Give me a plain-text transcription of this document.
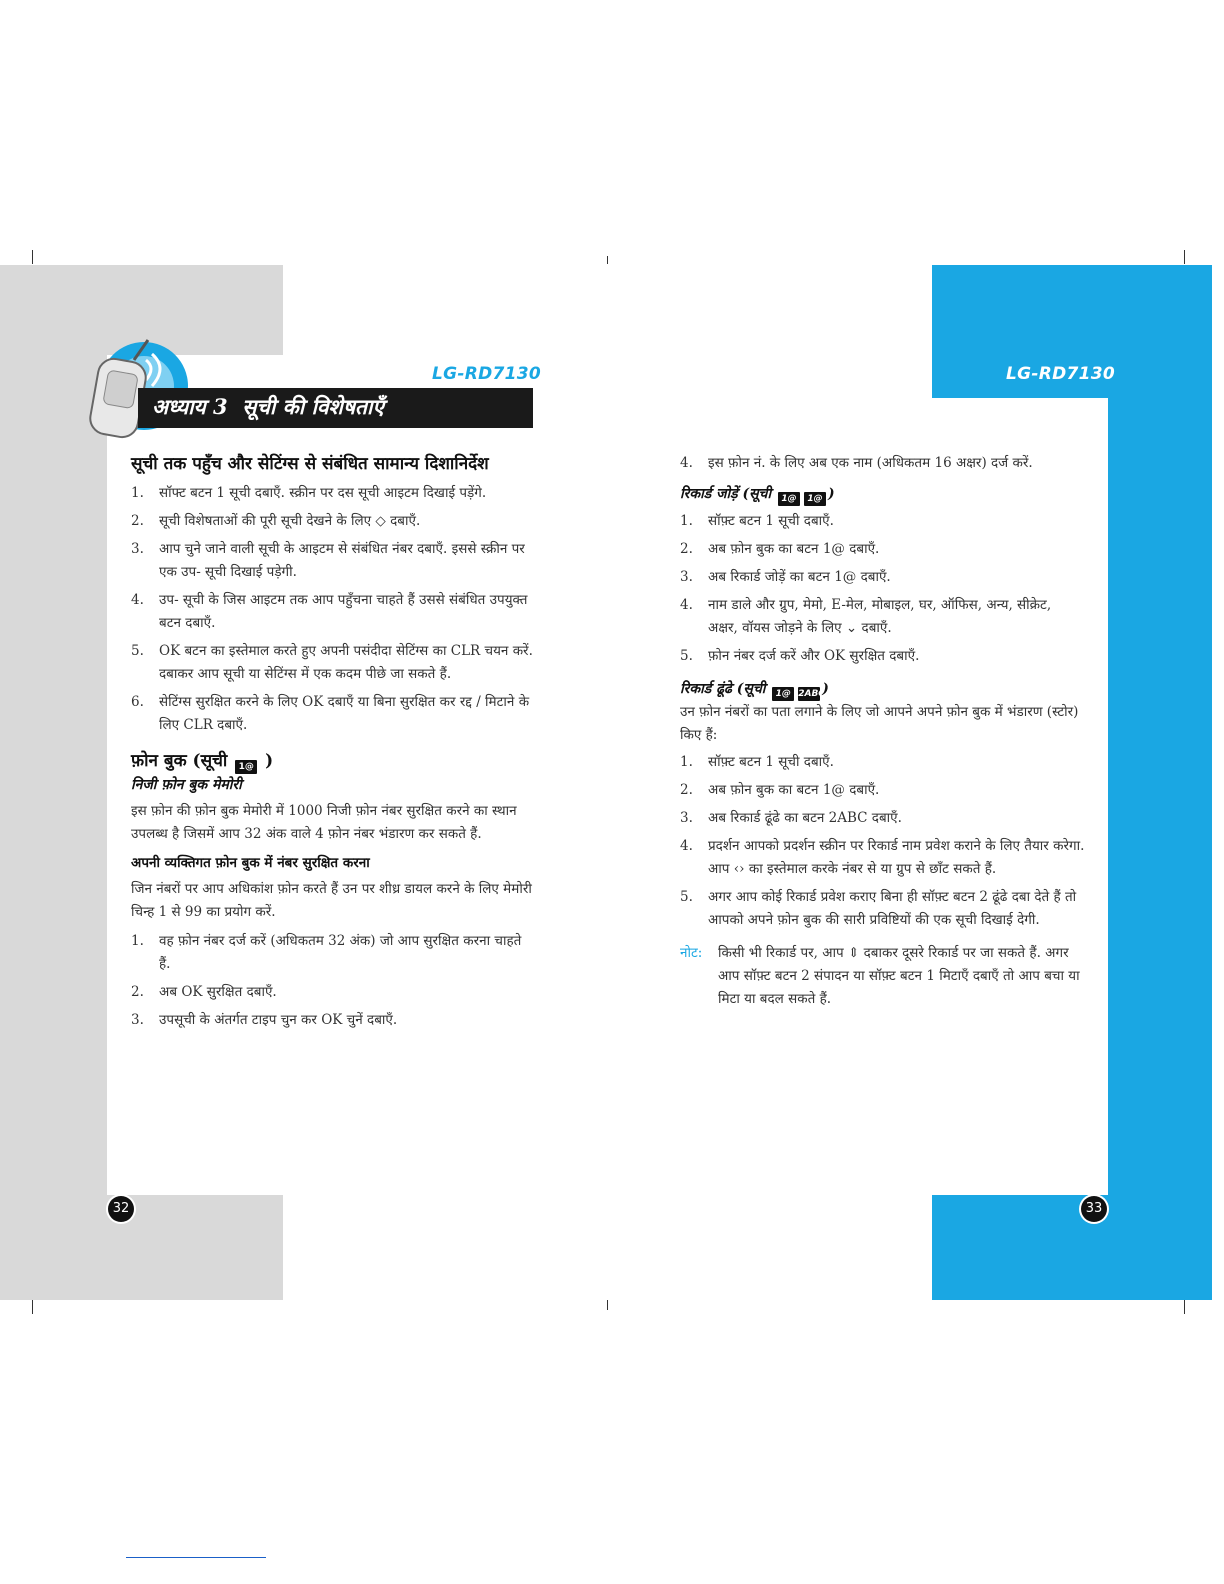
LG-RD7130	LG-RD7130
अध्याय 3  सूची की विशेषताएँ

सूची तक पहुँच और सेटिंग्स से संबंधित सामान्य दिशानिर्देश

1. सॉफ्ट बटन 1 सूची दबाएँ. स्क्रीन पर दस सूची आइटम दिखाई पड़ेंगे.
2. सूची विशेषताओं की पूरी सूची देखने के लिए ◇ दबाएँ.
3. आप चुने जाने वाली सूची के आइटम से संबंधित नंबर दबाएँ. इससे स्क्रीन पर एक उप- सूची दिखाई पड़ेगी.
4. उप- सूची के जिस आइटम तक आप पहुँचना चाहते हैं उससे संबंधित उपयुक्त बटन दबाएँ.
5. OK बटन का इस्तेमाल करते हुए अपनी पसंदीदा सेटिंग्स का CLR चयन करें. दबाकर आप सूची या सेटिंग्स में एक कदम पीछे जा सकते हैं.
6. सेटिंग्स सुरक्षित करने के लिए OK दबाएँ या बिना सुरक्षित कर रद्द / मिटाने के लिए CLR दबाएँ.

फ़ोन बुक (सूची 1@ )

निजी फ़ोन बुक मेमोरी

इस फ़ोन की फ़ोन बुक मेमोरी में 1000 निजी फ़ोन नंबर सुरक्षित करने का स्थान उपलब्ध है जिसमें आप 32 अंक वाले 4 फ़ोन नंबर भंडारण कर सकते हैं.

अपनी व्यक्तिगत फ़ोन बुक में नंबर सुरक्षित करना

जिन नंबरों पर आप अधिकांश फ़ोन करते हैं उन पर शीध्र डायल करने के लिए मेमोरी चिन्ह 1 से 99 का प्रयोग करें.

1. वह फ़ोन नंबर दर्ज करें (अधिकतम 32 अंक) जो आप सुरक्षित करना चाहते हैं.
2. अब OK सुरक्षित दबाएँ.
3. उपसूची के अंतर्गत टाइप चुन कर OK चुनें दबाएँ.
4. इस फ़ोन नं. के लिए अब एक नाम (अधिकतम 16 अक्षर) दर्ज करें.

रिकार्ड जोड़ें (सूची 1@ 1@ )

1. सॉफ़्ट बटन 1 सूची दबाएँ.
2. अब फ़ोन बुक का बटन 1@ दबाएँ.
3. अब रिकार्ड जोड़ें का बटन 1@ दबाएँ.
4. नाम डाले और ग्रुप, मेमो, E-मेल, मोबाइल, घर, ऑफिस, अन्य, सीक्रेट, अक्षर, वॉयस जोड़ने के लिए ⌄ दबाएँ.
5. फ़ोन नंबर दर्ज करें और OK सुरक्षित दबाएँ.

रिकार्ड ढूंढे (सूची 1@ 2ABC)

उन फ़ोन नंबरों का पता लगाने के लिए जो आपने अपने फ़ोन बुक में भंडारण (स्टोर) किए हैं:

1. सॉफ़्ट बटन 1 सूची दबाएँ.
2. अब फ़ोन बुक का बटन 1@ दबाएँ.
3. अब रिकार्ड ढूंढे का बटन 2ABC दबाएँ.
4. प्रदर्शन आपको प्रदर्शन स्क्रीन पर रिकार्ड नाम प्रवेश कराने के लिए तैयार करेगा. आप ‹› का इस्तेमाल करके नंबर से या ग्रुप से छाँट सकते हैं.
5. अगर आप कोई रिकार्ड प्रवेश कराए बिना ही सॉफ़्ट बटन 2 ढूंढे दबा देते हैं तो आपको अपने फ़ोन बुक की सारी प्रविष्टियों की एक सूची दिखाई देगी.
नोट: किसी भी रिकार्ड पर, आप ⇕ दबाकर दूसरे रिकार्ड पर जा सकते हैं. अगर आप सॉफ़्ट बटन 2 संपादन या सॉफ़्ट बटन 1 मिटाएँ दबाएँ तो आप बचा या मिटा या बदल सकते हैं.
32	33
